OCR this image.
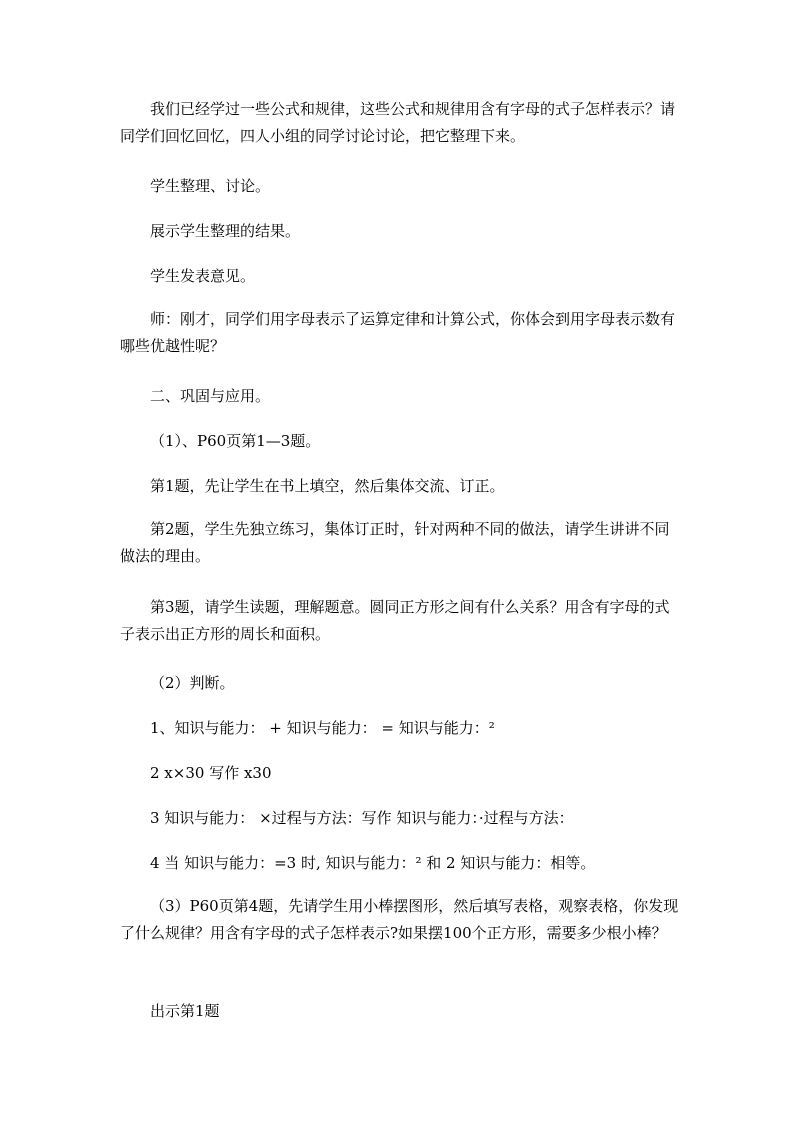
我们已经学过一些公式和规律，这些公式和规律用含有字母的式子怎样表示？请同学们回忆回忆，四人小组的同学讨论讨论，把它整理下来。

学生整理、讨论。

展示学生整理的结果。

学生发表意见。

师：刚才，同学们用字母表示了运算定律和计算公式，你体会到用字母表示数有哪些优越性呢？

二、巩固与应用。

（1）、P60页第1—3题。

第1题，先让学生在书上填空，然后集体交流、订正。

第2题，学生先独立练习，集体订正时，针对两种不同的做法，请学生讲讲不同做法的理由。

第3题，请学生读题，理解题意。圆同正方形之间有什么关系？用含有字母的式子表示出正方形的周长和面积。

（2）判断。

1、知识与能力： + 知识与能力： = 知识与能力：²

2 x×30 写作 x30

3 知识与能力： ×过程与方法：写作 知识与能力：·过程与方法：

4 当 知识与能力：=3 时, 知识与能力：² 和 2 知识与能力：相等。

（3）P60页第4题，先请学生用小棒摆图形，然后填写表格，观察表格，你发现了什么规律？用含有字母的式子怎样表示?如果摆100个正方形，需要多少根小棒？

出示第1题
